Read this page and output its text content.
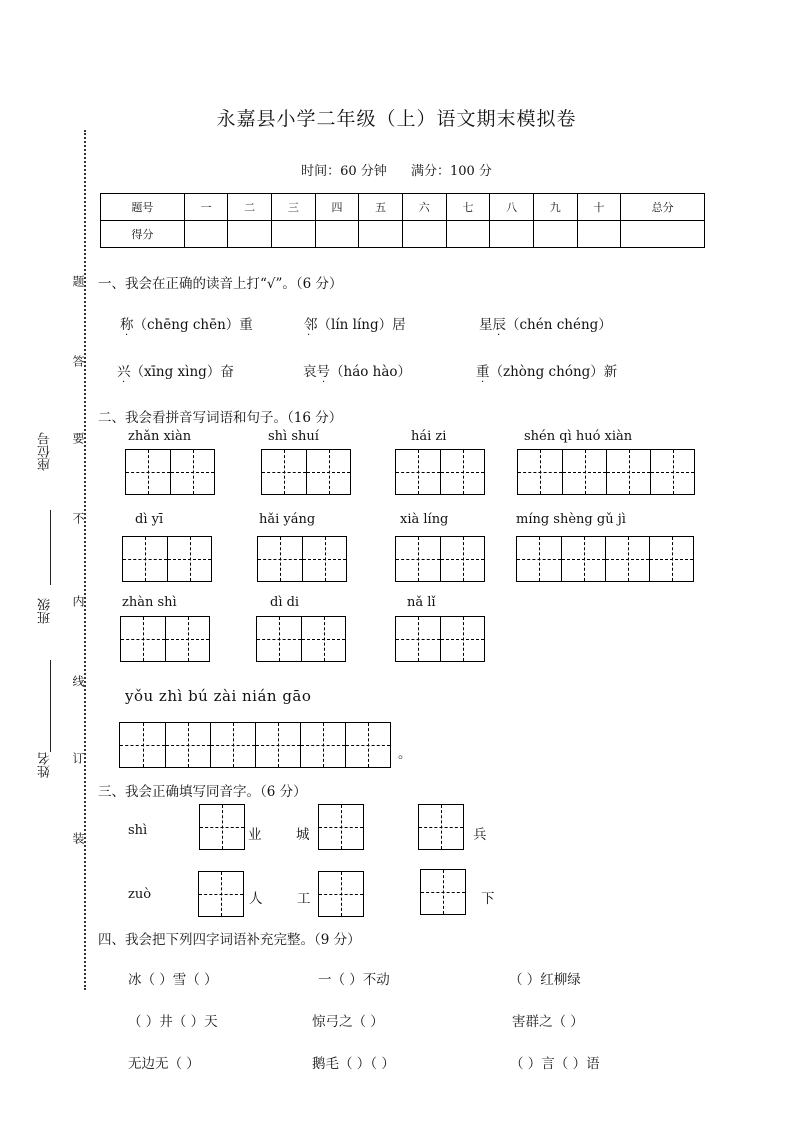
永嘉县小学二年级（上）语文期末模拟卷
时间：60 分钟 满分：100 分
题号	一	二	三	四	五	六	七	八	九	十	总分
得分											
题
答
要
不
内
线
订
装
座位号
班级
姓名
一、我会在正确的读音上打“√”。（6 分）
称（chēng chēn）重	邻（lín líng）居	星辰（chén chéng）
兴（xīng xìng）奋	哀号（háo hào）	重（zhòng chóng）新
·	·	·
·	·	·
二、我会看拼音写词语和句子。（16 分）
zhǎn xiàn	shì shuí	hái zi	shén qì huó xiàn
dì yī	hǎi yáng	xià líng	míng shèng gǔ jì
zhàn shì	dì di	nǎ lǐ
yǒu zhì bú zài nián gāo
。
三、我会正确填写同音字。（6 分）
shì	业	城	兵
zuò	人	工	下
四、我会把下列四字词语补充完整。（9 分）
冰（ ）雪（ ）	一（ ）不动	（ ）红柳绿
（ ）井（ ）天	惊弓之（ ）	害群之（ ）
无边无（ ）	鹅毛（ ）（ ）	（ ）言（ ）语
